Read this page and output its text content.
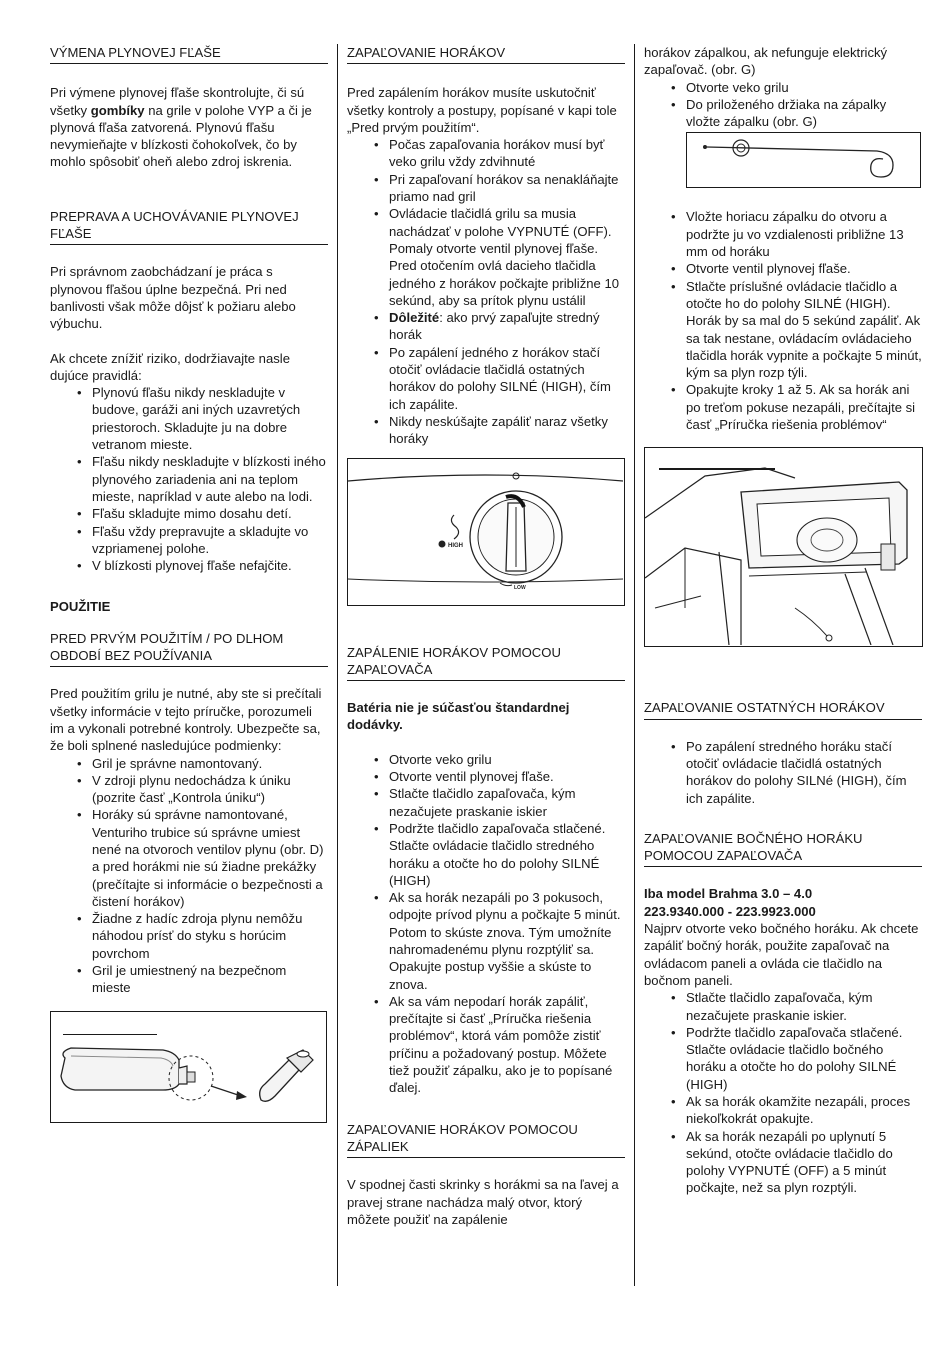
VÝMENA PLYNOVEJ FĽAŠE

Pri výmene plynovej fľaše skontrolujte, či sú všetky gombíky na grile v polohe VYP a či je plynová fľaša zatvorená. Plynovú fľašu nevymieňajte v blízkosti čohokoľvek, čo by mohlo spôsobiť oheň alebo zdroj iskrenia.

PREPRAVA A UCHOVÁVANIE PLYNOVEJ FĽAŠE

Pri správnom zaobchádzaní je práca s plynovou fľašou úplne bezpečná. Pri ned banlivosti však môže dôjsť k požiaru alebo výbuchu.

Ak chcete znížiť riziko, dodržiavajte nasle dujúce pravidlá:

• Plynovú fľašu nikdy neskladujte v budove, garáži ani iných uzavretých priestoroch. Skladujte ju na dobre vetranom mieste.
• Fľašu nikdy neskladujte v blízkosti iného plynového zariadenia ani na teplom mieste, napríklad v aute alebo na lodi.
• Fľašu skladujte mimo dosahu detí.
• Fľašu vždy prepravujte a skladujte vo vzpriamenej polohe.
• V blízkosti plynovej fľaše nefajčite.

POUŽITIE

PRED PRVÝM POUŽITÍM / PO DLHOM OBDOBÍ BEZ POUŽÍVANIA

Pred použitím grilu je nutné, aby ste si prečítali všetky informácie v tejto príručke, porozumeli im a vykonali potrebné kontroly. Ubezpečte sa, že boli splnené nasledujúce podmienky:

• Gril je správne namontovaný.
• V zdroji plynu nedochádza k úniku (pozrite časť „Kontrola úniku“)
• Horáky sú správne namontované, Venturiho trubice sú správne umiest nené na otvoroch ventilov plynu (obr. D) a pred horákmi nie sú žiadne prekážky (prečítajte si informácie o bezpečnosti a čistení horákov)
• Žiadne z hadíc zdroja plynu nemôžu náhodou prísť do styku s horúcim povrchom
• Gril je umiestnený na bezpečnom mieste
ZAPAĽOVANIE HORÁKOV

Pred zapálením horákov musíte uskutočniť všetky kontroly a postupy, popísané v kapi tole „Pred prvým použitím“.

• Počas zapaľovania horákov musí byť veko grilu vždy zdvihnuté
• Pri zapaľovaní horákov sa nenakláňajte priamo nad gril
• Ovládacie tlačidlá grilu sa musia nachádzať v polohe VYPNUTÉ (OFF). Pomaly otvorte ventil plynovej fľaše. Pred otočením ovlá dacieho tlačidla jedného z horákov počkajte približne 10 sekúnd, aby sa prítok plynu ustálil
• Dôležité: ako prvý zapaľujte stredný horák
• Po zapálení jedného z horákov stačí otočiť ovládacie tlačidlá ostatných horákov do polohy SILNÉ (HIGH), čím ich zapálite.
• Nikdy neskúšajte zapáliť naraz všetky horáky
HIGH
LOW
ZAPÁLENIE HORÁKOV POMOCOU ZAPAĽOVAČA

Batéria nie je súčasťou štandardnej dodávky.

• Otvorte veko grilu
• Otvorte ventil plynovej fľaše.
• Stlačte tlačidlo zapaľovača, kým nezačujete praskanie iskier
• Podržte tlačidlo zapaľovača stlačené. Stlačte ovládacie tlačidlo stredného horáku a otočte ho do polohy SILNÉ (HIGH)
• Ak sa horák nezapáli po 3 pokusoch, odpojte prívod plynu a počkajte 5 minút. Potom to skúste znova. Tým umožníte nahromadenému plynu rozptýliť sa. Opakujte postup vyššie a skúste to znova.
• Ak sa vám nepodarí horák zapáliť, prečítajte si časť „Príručka riešenia problémov“, ktorá vám pomôže zistiť príčinu a požadovaný postup. Môžete tiež použiť zápalku, ako je to popísané ďalej.
ZAPAĽOVANIE HORÁKOV POMOCOU ZÁPALIEK

V spodnej časti skrinky s horákmi sa na ľavej a pravej strane nachádza malý otvor, ktorý môžete použiť na zapálenie

horákov zápalkou, ak nefunguje elektrický zapaľovač. (obr. G)

• Otvorte veko grilu
• Do priloženého držiaka na zápalky vložte zápalku (obr. G)
• Vložte horiacu zápalku do otvoru a podržte ju vo vzdialenosti približne 13 mm od horáku
• Otvorte ventil plynovej fľaše.
• Stlačte príslušné ovládacie tlačidlo a otočte ho do polohy SILNÉ (HIGH). Horák by sa mal do 5 sekúnd zapáliť. Ak sa tak nestane, ovládacím ovládacieho tlačidla horák vypnite a počkajte 5 minút, kým sa plyn rozp týli.
• Opakujte kroky 1 až 5. Ak sa horák ani po treťom pokuse nezapáli, prečítajte si časť „Príručka riešenia problémov“
ZAPAĽOVANIE OSTATNÝCH HORÁKOV
• Po zapálení stredného horáku stačí otočiť ovládacie tlačidlá ostatných horákov do polohy SILNé (HIGH), čím ich zapálite.
ZAPAĽOVANIE BOČNÉHO HORÁKU POMOCOU ZAPAĽOVAČA

Iba model Brahma 3.0 – 4.0
223.9340.000 - 223.9923.000

Najprv otvorte veko bočného horáku. Ak chcete zapáliť bočný horák, použite zapaľovač na ovládacom paneli a ovláda cie tlačidlo na bočnom paneli.

• Stlačte tlačidlo zapaľovača, kým nezačujete praskanie iskier.
• Podržte tlačidlo zapaľovača stlačené. Stlačte ovládacie tlačidlo bočného horáku a otočte ho do polohy SILNÉ (HIGH)
• Ak sa horák okamžite nezapáli, proces niekoľkokrát opakujte.
• Ak sa horák nezapáli po uplynutí 5 sekúnd, otočte ovládacie tlačidlo do polohy VYPNUTÉ (OFF) a 5 minút počkajte, než sa plyn rozptýli.
